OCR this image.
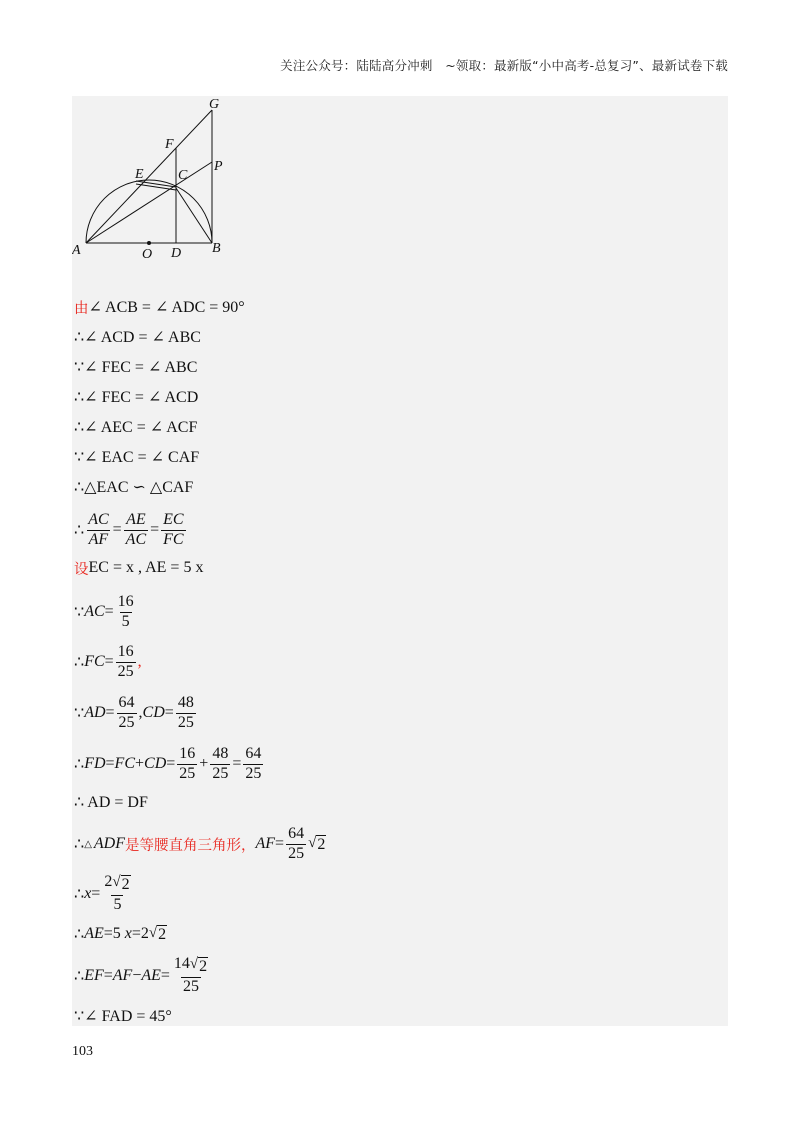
关注公众号：陆陆高分冲刺　~领取：最新版“小中高考-总复习”、最新试卷下载
G
F
E C
P
A	O D B
由 ∠ ACB = ∠ ADC = 90°
∴∠ ACD = ∠ ABC
∵∠ FEC = ∠ ABC
∴∠ FEC = ∠ ACD
∴∠ AEC = ∠ ACF
∵∠ EAC = ∠ CAF
∴△EAC ∽ △CAF
∴ $\frac{AC}{AF} = \frac{AE}{AC} = \frac{EC}{FC}$
设 EC = x , AE = 5 x
∵ AC = $\frac{16}{5}$
∴ FC = $\frac{16}{25}$ ,
∵ AD = $\frac{64}{25}$ , CD = $\frac{48}{25}$
∴ FD = FC + CD = $\frac{16}{25} + \frac{48}{25} = \frac{64}{25}$
∴ AD = DF
∴ △ ADF 是等腰直角三角形， AF = $\frac{64}{25}$ √ 2
∴ $x = \frac{2 √ 2}{5}$
∴ AE =5 x =2 √ 2
∴ EF = AF − AE = $\frac{14 √ 2}{25}$
∵∠ FAD = 45°
103
